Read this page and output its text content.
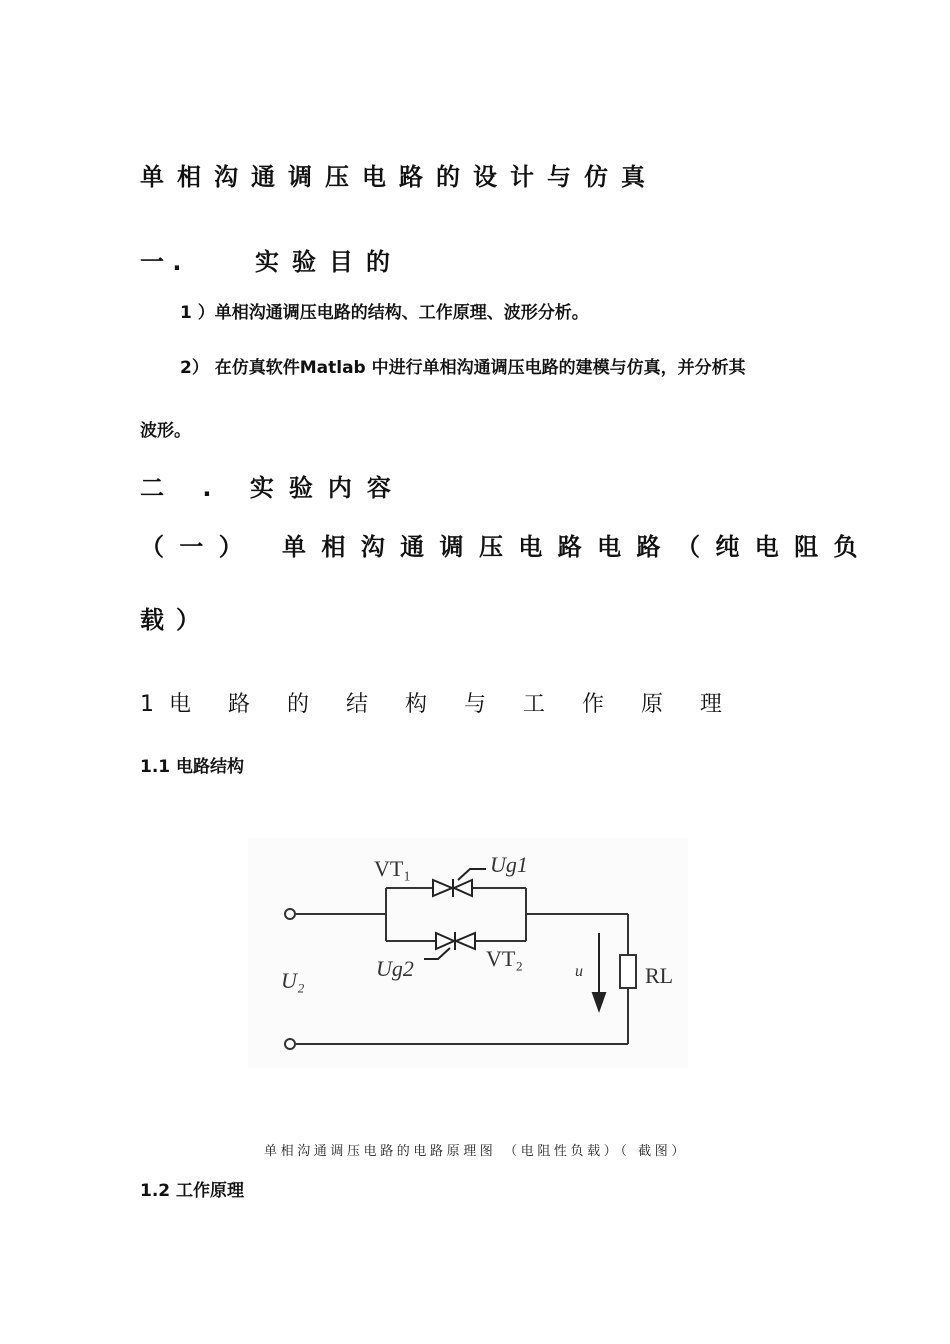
单相沟通调压电路的设计与仿真
一 .	实验目的
1 ）单相沟通调压电路的结构、工作原理、波形分析。
2） 在仿真软件Matlab 中进行单相沟通调压电路的建模与仿真，并分析其
波形。
二 . 实验内容
（一） 单相沟通调压电路电路（纯电阻负
载）
1电 路 的 结 构 与 工 作 原 理
1.1 电路结构
VT₁	Ug1
VT₂
Ug2
U₂	u	RL
单相沟通调压电路的电路原理图 （电阻性负载）（ 截图）
1.2 工作原理
